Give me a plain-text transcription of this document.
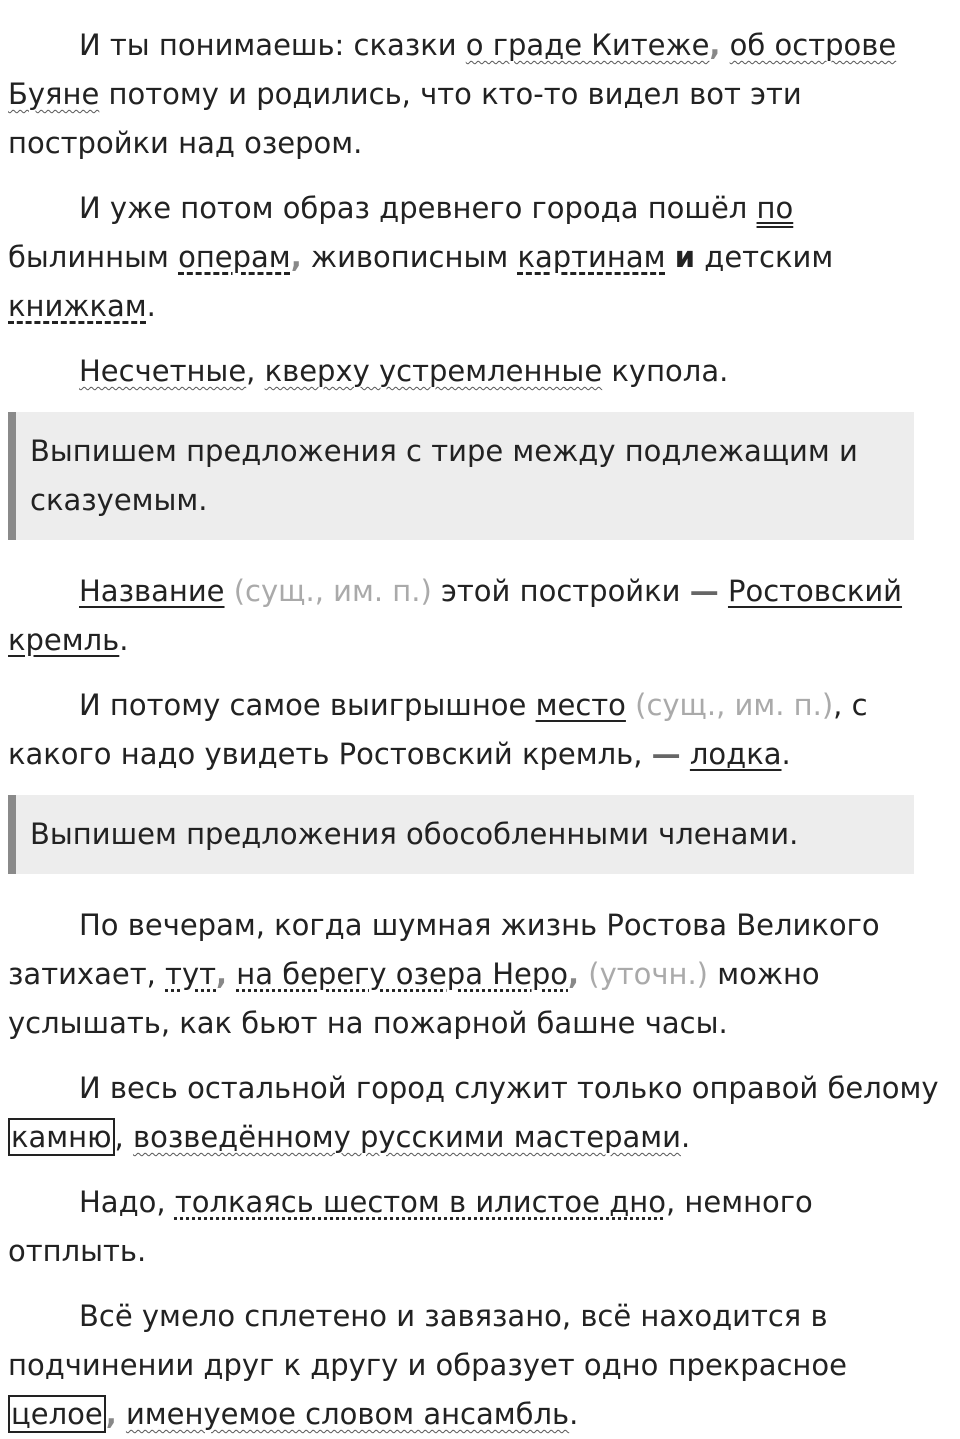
И ты понимаешь: сказки о граде Китеже, об острове Буяне потому и родились, что кто-то видел вот эти постройки над озером.

И уже потом образ древнего города пошёл по былинным операм, живописным картинам и детским книжкам.

Несчетные, кверху устремленные купола.

Выпишем предложения с тире между подлежащим и сказуемым.

Название (сущ., им. п.) этой постройки — Ростовский кремль.

И потому самое выигрышное место (сущ., им. п.), с какого надо увидеть Ростовский кремль, — лодка.

Выпишем предложения обособленными членами.

По вечерам, когда шумная жизнь Ростова Великого затихает, тут, на берегу озера Неро, (уточн.) можно услышать, как бьют на пожарной башне часы.

И весь остальной город служит только оправой белому камню , возведённому русскими мастерами.

Надо, толкаясь шестом в илистое дно, немного отплыть.

Всё умело сплетено и завязано, всё находится в подчинении друг к другу и образует одно прекрасное целое , именуемое словом ансамбль.
